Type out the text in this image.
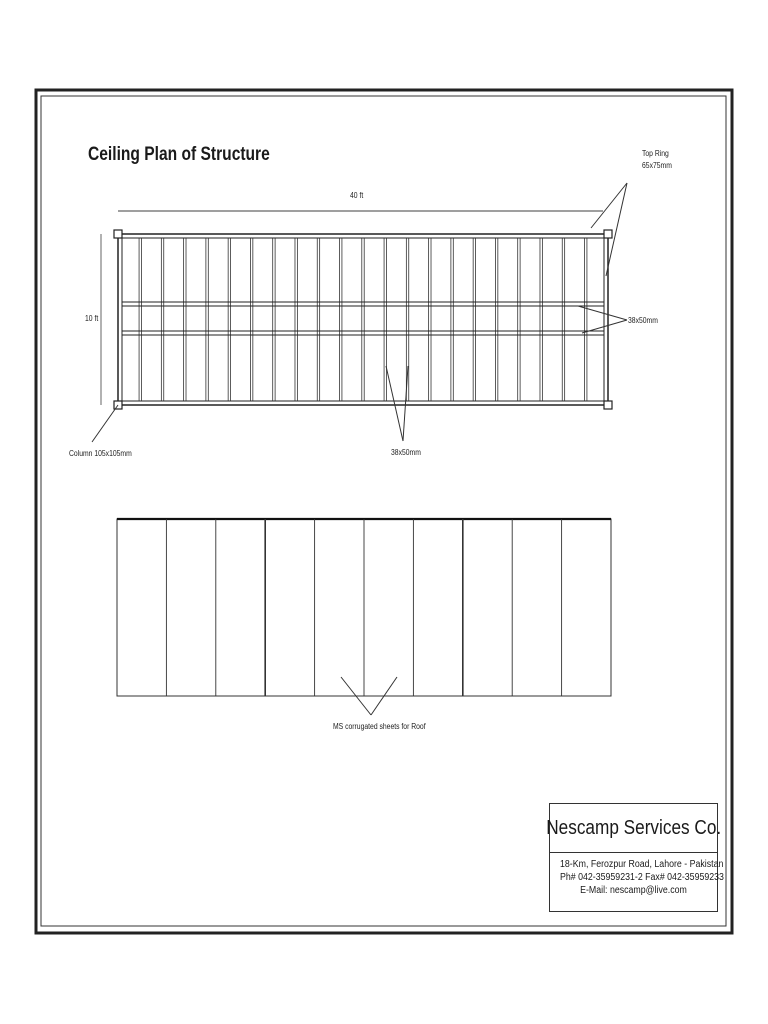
Ceiling Plan of Structure	Top Ring
65x75mm
40 ft
10 ft	38x50mm
Column 105x105mm	38x50mm
MS corrugated sheets for Roof
Nescamp Services Co.
18-Km, Ferozpur Road, Lahore - Pakistan
Ph# 042-35959231-2 Fax# 042-35959233
E-Mail: nescamp@live.com
